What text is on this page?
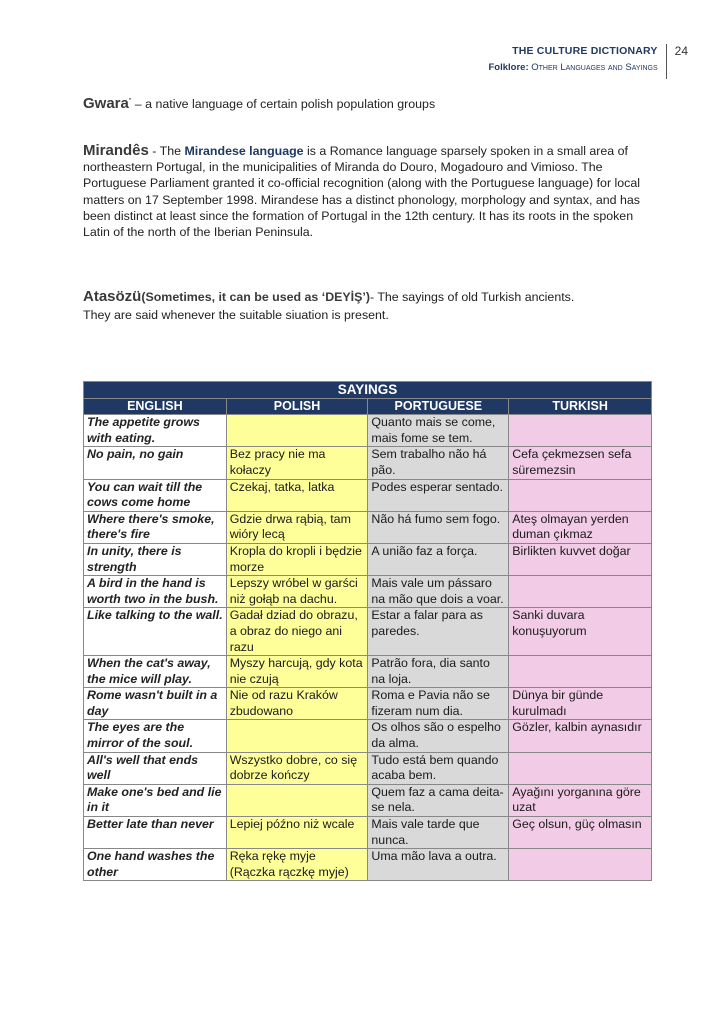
THE CULTURE DICTIONARY
Folklore: Other Languages and Sayings
24
Gwara" – a native language of certain polish population groups
Mirandês - The Mirandese language is a Romance language sparsely spoken in a small area of northeastern Portugal, in the municipalities of Miranda do Douro, Mogadouro and Vimioso. The Portuguese Parliament granted it co-official recognition (along with the Portuguese language) for local matters on 17 September 1998. Mirandese has a distinct phonology, morphology and syntax, and has been distinct at least since the formation of Portugal in the 12th century. It has its roots in the spoken Latin of the north of the Iberian Peninsula.
Atasözü(Sometimes, it can be used as ‘DEYİŞ’)- The sayings of old Turkish ancients.
They are said whenever the suitable siuation is present.
SAYINGS			
ENGLISH	POLISH	PORTUGUESE	TURKISH
The appetite grows with eating.		Quanto mais se come, mais fome se tem.	
No pain, no gain	Bez pracy nie ma kołaczy	Sem trabalho não há pão.	Cefa çekmezsen sefa süremezsin
You can wait till the cows come home	Czekaj, tatka, latka	Podes esperar sentado.	
Where there's smoke, there's fire	Gdzie drwa rąbią, tam wióry lecą	Não há fumo sem fogo.	Ateş olmayan yerden duman çıkmaz
In unity, there is strength	Kropla do kropli i będzie morze	A união faz a força.	Birlikten kuvvet doğar
A bird in the hand is worth two in the bush.	Lepszy wróbel w garści niż gołąb na dachu.	Mais vale um pássaro na mão que dois a voar.	
Like talking to the wall.	Gadał dziad do obrazu, a obraz do niego ani razu	Estar a falar para as paredes.	Sanki duvara konuşuyorum
When the cat's away, the mice will play.	Myszy harcują, gdy kota nie czują	Patrão fora, dia santo na loja.	
Rome wasn't built in a day	Nie od razu Kraków zbudowano	Roma e Pavia não se fizeram num dia.	Dünya bir günde kurulmadı
The eyes are the mirror of the soul.		Os olhos são o espelho da alma.	Gözler, kalbin aynasıdır
All's well that ends well	Wszystko dobre, co się dobrze kończy	Tudo está bem quando acaba bem.	
Make one's bed and lie in it		Quem faz a cama deita-se nela.	Ayağını yorganına göre uzat
Better late than never	Lepiej późno niż wcale	Mais vale tarde que nunca.	Geç olsun, güç olmasın
One hand washes the other	Ręka rękę myje (Rączka rączkę myje)	Uma mão lava a outra.	
